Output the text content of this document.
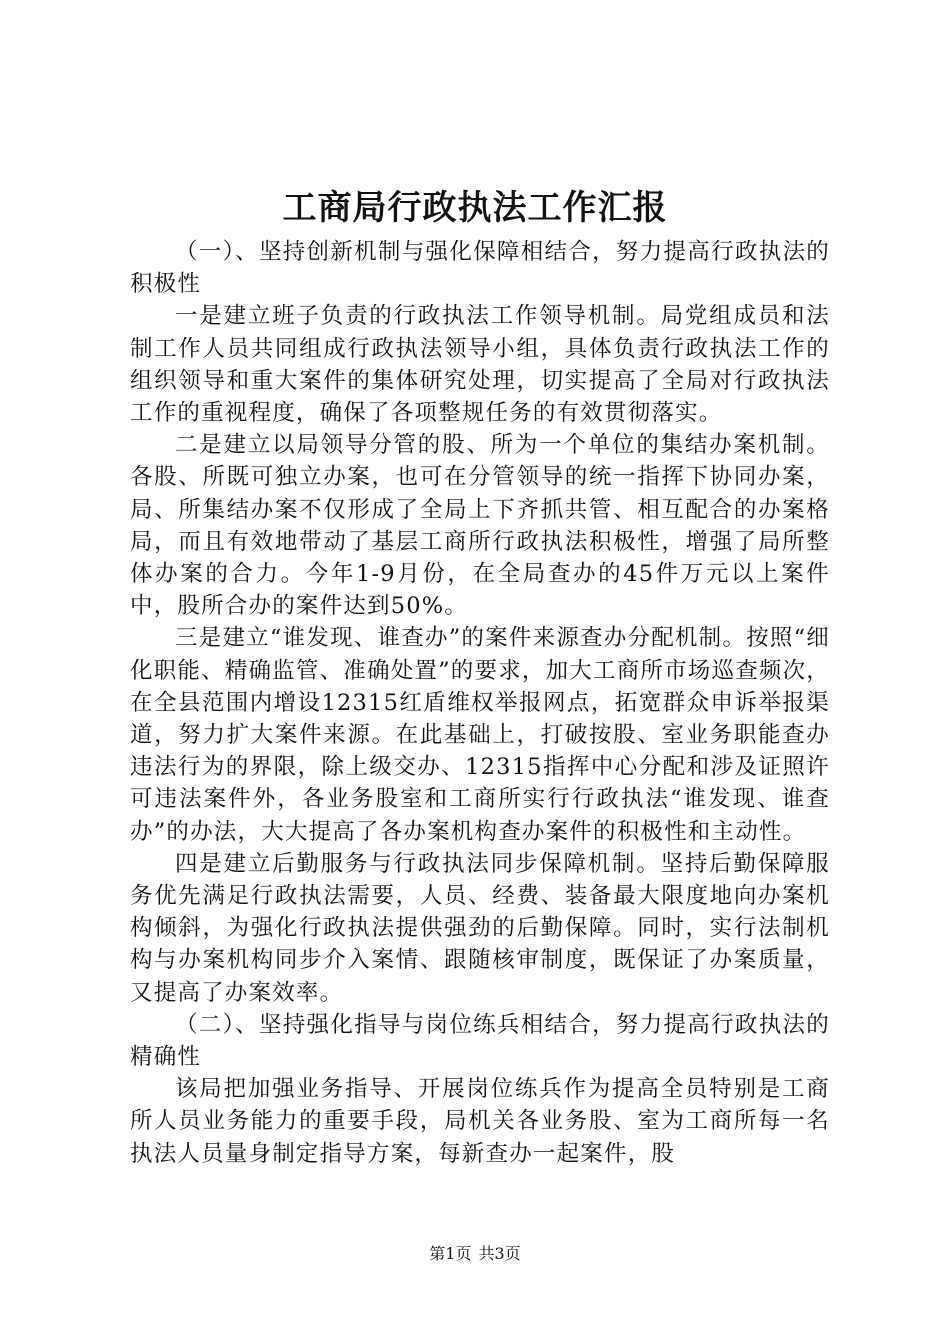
工商局行政执法工作汇报

（一）、坚持创新机制与强化保障相结合，努力提高行政执法的积极性

一是建立班子负责的行政执法工作领导机制。局党组成员和法制工作人员共同组成行政执法领导小组，具体负责行政执法工作的组织领导和重大案件的集体研究处理，切实提高了全局对行政执法工作的重视程度，确保了各项整规任务的有效贯彻落实。

二是建立以局领导分管的股、所为一个单位的集结办案机制。各股、所既可独立办案，也可在分管领导的统一指挥下协同办案，局、所集结办案不仅形成了全局上下齐抓共管、相互配合的办案格局，而且有效地带动了基层工商所行政执法积极性，增强了局所整体办案的合力。今年1-9月份，在全局查办的45件万元以上案件中，股所合办的案件达到50%。

三是建立“谁发现、谁查办”的案件来源查办分配机制。按照“细化职能、精确监管、准确处置”的要求，加大工商所市场巡查频次，在全县范围内增设12315红盾维权举报网点，拓宽群众申诉举报渠道，努力扩大案件来源。在此基础上，打破按股、室业务职能查办违法行为的界限，除上级交办、12315指挥中心分配和涉及证照许可违法案件外，各业务股室和工商所实行行政执法“谁发现、谁查办”的办法，大大提高了各办案机构查办案件的积极性和主动性。

四是建立后勤服务与行政执法同步保障机制。坚持后勤保障服务优先满足行政执法需要，人员、经费、装备最大限度地向办案机构倾斜，为强化行政执法提供强劲的后勤保障。同时，实行法制机构与办案机构同步介入案情、跟随核审制度，既保证了办案质量，又提高了办案效率。

（二）、坚持强化指导与岗位练兵相结合，努力提高行政执法的精确性

该局把加强业务指导、开展岗位练兵作为提高全员特别是工商所人员业务能力的重要手段，局机关各业务股、室为工商所每一名执法人员量身制定指导方案，每新查办一起案件，股

第1页 共3页
